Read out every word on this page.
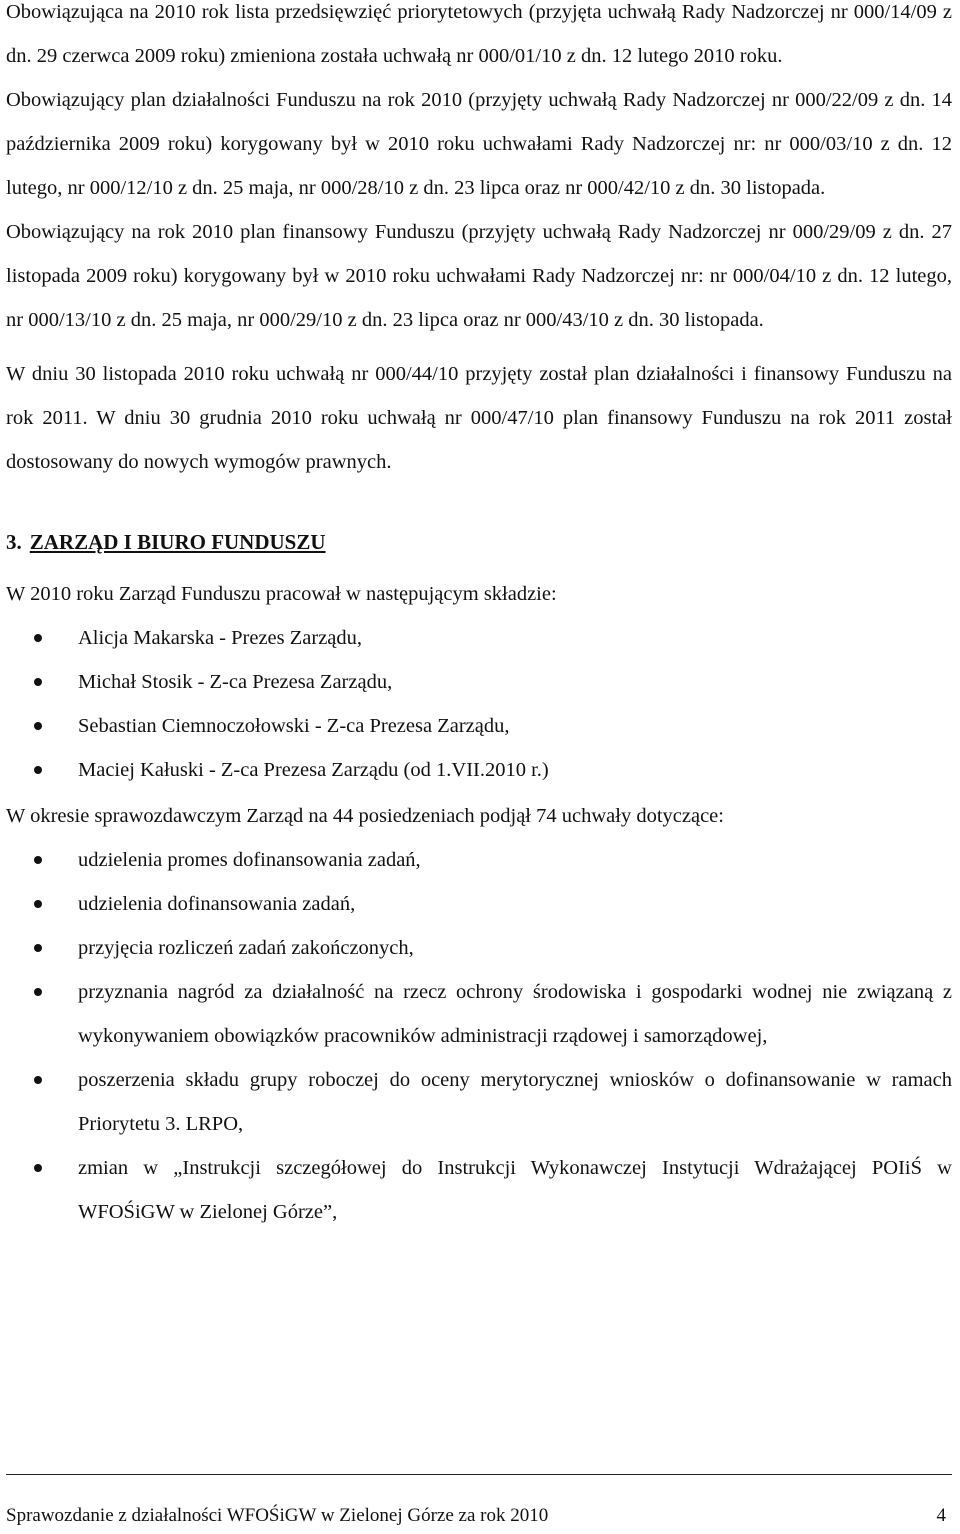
Obowiązująca na 2010 rok lista przedsięwzięć priorytetowych (przyjęta uchwałą Rady Nadzorczej nr 000/14/09 z dn. 29 czerwca 2009 roku) zmieniona została uchwałą nr 000/01/10 z dn. 12 lutego 2010 roku.

Obowiązujący plan działalności Funduszu na rok 2010 (przyjęty uchwałą Rady Nadzorczej nr 000/22/09 z dn. 14 października 2009 roku) korygowany był w 2010 roku uchwałami Rady Nadzorczej nr: nr 000/03/10 z dn. 12 lutego, nr 000/12/10 z dn. 25 maja, nr 000/28/10 z dn. 23 lipca oraz nr 000/42/10 z dn. 30 listopada.

Obowiązujący na rok 2010 plan finansowy Funduszu (przyjęty uchwałą Rady Nadzorczej nr 000/29/09 z dn. 27 listopada 2009 roku) korygowany był w 2010 roku uchwałami Rady Nadzorczej nr: nr 000/04/10 z dn. 12 lutego, nr 000/13/10 z dn. 25 maja, nr 000/29/10 z dn. 23 lipca oraz nr 000/43/10 z dn. 30 listopada.

W dniu 30 listopada 2010 roku uchwałą nr 000/44/10 przyjęty został plan działalności i finansowy Funduszu na rok 2011. W dniu 30 grudnia 2010 roku uchwałą nr 000/47/10 plan finansowy Funduszu na rok 2011 został dostosowany do nowych wymogów prawnych.

3. ZARZĄD I BIURO FUNDUSZU

W 2010 roku Zarząd Funduszu pracował w następującym składzie:

Alicja Makarska - Prezes Zarządu,
Michał Stosik - Z-ca Prezesa Zarządu,
Sebastian Ciemnoczołowski - Z-ca Prezesa Zarządu,
Maciej Kałuski - Z-ca Prezesa Zarządu (od 1.VII.2010 r.)

W okresie sprawozdawczym Zarząd na 44 posiedzeniach podjął 74 uchwały dotyczące:

udzielenia promes dofinansowania zadań,
udzielenia dofinansowania zadań,
przyjęcia rozliczeń zadań zakończonych,
przyznania nagród za działalność na rzecz ochrony środowiska i gospodarki wodnej nie związaną z wykonywaniem obowiązków pracowników administracji rządowej i samorządowej,
poszerzenia składu grupy roboczej do oceny merytorycznej wniosków o dofinansowanie w ramach Priorytetu 3. LRPO,
zmian w „Instrukcji szczegółowej do Instrukcji Wykonawczej Instytucji Wdrażającej POIiŚ w WFOŚiGW w Zielonej Górze”,
Sprawozdanie z działalności WFOŚiGW w Zielonej Górze za rok 2010	4
